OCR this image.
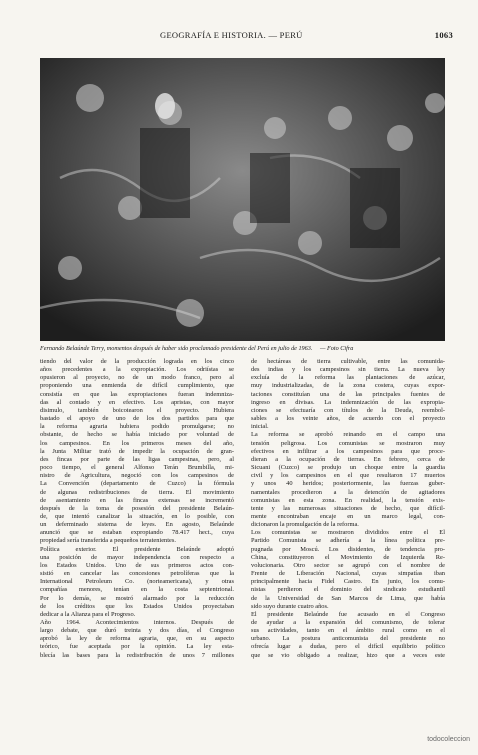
GEOGRAFÍA E HISTORIA. — PERÚ	1063
Fernando Belaúnde Terry, momentos después de haber sido proclamado presidente del Perú en julio de 1963. — Foto Cifra
tiendo del valor de la producción lograda en los cinco
años precedentes a la expropiación. Los odriístas se
opusieron al proyecto, no de un modo franco, pero al
proponiendo una enmienda de difícil cumplimiento, que
consistía en que las expropiaciones fueran indemniza-
das al contado y en efectivo. Los apristas, con mayor
disimulo, también boicotearon el proyecto. Hubiera
bastado el apoyo de uno de los dos partidos para que
la reforma agraria hubiera podido promulgarse; no
obstante, de hecho se había iniciado por voluntad de
los campesinos. En los primeros meses del año,
la Junta Militar trató de impedir la ocupación de gran-
des fincas por parte de las ligas campesinas, pero, al
poco tiempo, el general Alfonso Terán Brumbilla, mi-
nistro de Agricultura, negoció con los campesinos de
La Convención (departamento de Cuzco) la fórmula
de algunas redistribuciones de tierra. El movimiento
de asentamiento en las fincas extensas se incrementó
después de la toma de posesión del presidente Belaún-
de, que intentó canalizar la situación, en lo posible, con
un deferminado sistema de leyes. En agosto, Belaúnde
anunció que se estaban expropiando 78.417 hect., cuya
propiedad sería transferida a pequeños terratenientes.
Política exterior. El presidente Belaúnde adoptó
una posición de mayor independencia con respecto a
los Estados Unidos. Uno de sus primeros actos con-
sistió en cancelar las concesiones petrolíferas que la
International Petroleum Co. (norteamericana), y otras
compañías menores, tenían en la costa septentrional.
Por lo demás, se mostró alarmado por la reducción
de los créditos que los Estados Unidos proyectaban
dedicar a la Alianza para el Progreso.
Año 1964. Acontecimientos internos. Después de
largo debate, que duró treinta y dos días, el Congreso
aprobó la ley de reforma agraria, que, en su aspecto
teórico, fue aceptada por la opinión. La ley esta-
blecía las bases para la redistribución de unos 7 millones
de hectáreas de tierra cultivable, entre las comunida-
des indias y los campesinos sin tierra. La nueva ley
excluía de la reforma las plantaciones de azúcar,
muy industrializadas, de la zona costera, cuyas expor-
taciones constituían una de las principales fuentes de
ingreso en divisas. La indemnización de las expropia-
ciones se efectuaría con títulos de la Deuda, reembol-
sables a los veinte años, de acuerdo con el proyecto
inicial.
La reforma se aprobó reinando en el campo una
tensión peligrosa. Los comunistas se mostraron muy
efectivos en infiltrar a los campesinos para que proce-
dieran a la ocupación de tierras. En febrero, cerca de
Sicuani (Cuzco) se produjo un choque entre la guardia
civil y los campesinos en el que resultaron 17 muertos
y unos 40 heridos; posteriormente, las fuerzas guber-
namentales procedieron a la detención de agitadores
comunistas en esta zona. En realidad, la tensión exis-
tente y las numerosas situaciones de hecho, que difícil-
mente encontraban encaje en un marco legal, con-
dicionaron la promulgación de la reforma.
Los comunistas se mostraron divididos entre el El
Partido Comunista se adhería a la línea política pre-
pugnada por Moscú. Los disidentes, de tendencia pro-
China, constituyeron el Movimiento de Izquierda Re-
volucionaria. Otro sector se agrupó con el nombre de
Frente de Liberación Nacional, cuyas simpatías iban
principalmente hacia Fidel Castro. En junio, los comu-
nistas perdieron el dominio del sindicato estudiantil
de la Universidad de San Marcos de Lima, que había
sido suyo durante cuatro años.
El presidente Belaúnde fue acusado en el Congreso
de ayudar a la expansión del comunismo, de tolerar
sus actividades, tanto en el ámbito rural como en el
urbano. La postura anticomunista del presidente no
ofrecía lugar a dudas, pero el difícil equilibrio político
que se vio obligado a realizar, hizo que a veces este
todocoleccion
